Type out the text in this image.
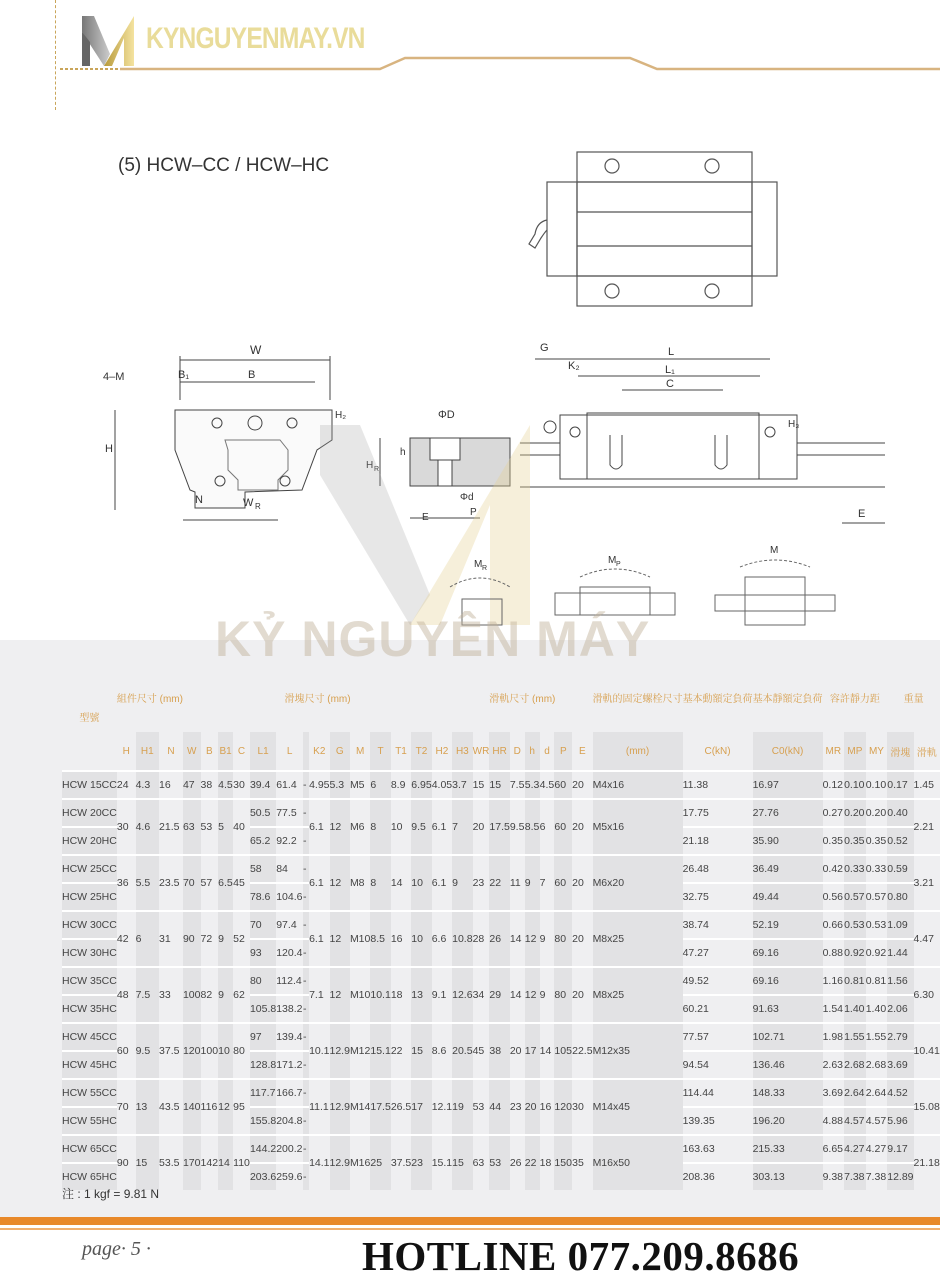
KYNGUYENMAY.VN
(5) HCW–CC / HCW–HC
W
B
B₁
4–M
H
N	W R
H₂	ΦD
h
Φd
E	P
G
K₂
L
L₁
C
H₃
E
M R
M P
M
KỶ NGUYÊN MÁY
型號	組件尺寸 (mm)			滑塊尺寸 (mm)														滑軌尺寸 (mm)								滑軌的固定螺栓尺寸	基本動額定負荷	基本靜額定負荷	容許靜力距			重量	
	H	H1	N	W	B	B1	C	L1	L		K2	G	M	T	T1	T2	H2	H3	WR	HR	D	h	d	P	E	(mm)	C(kN)	C0(kN)	MR	MP	MY	滑塊	滑軌
HCW 15CC	24	4.3	16	47	38	4.5	30	39.4	61.4	-	4.95	5.3	M5	6	8.9	6.95	4.05	3.7	15	15	7.5	5.3	4.5	60	20	M4x16	11.38	16.97	0.12	0.10	0.10	0.17	1.45
HCW 20CC	30	4.6	21.5	63	53	5	40	50.5	77.5	-	6.1	12	M6	8	10	9.5	6.1	7	20	17.5	9.5	8.5	6	60	20	M5x16	17.75	27.76	0.27	0.20	0.20	0.40	2.21
HCW 20HC								65.2	92.2	-																	21.18	35.90	0.35	0.35	0.35	0.52	
HCW 25CC	36	5.5	23.5	70	57	6.5	45	58	84	-	6.1	12	M8	8	14	10	6.1	9	23	22	11	9	7	60	20	M6x20	26.48	36.49	0.42	0.33	0.33	0.59	3.21
HCW 25HC								78.6	104.6	-																	32.75	49.44	0.56	0.57	0.57	0.80	
HCW 30CC	42	6	31	90	72	9	52	70	97.4	-	6.1	12	M10	8.5	16	10	6.6	10.8	28	26	14	12	9	80	20	M8x25	38.74	52.19	0.66	0.53	0.53	1.09	4.47
HCW 30HC								93	120.4	-																	47.27	69.16	0.88	0.92	0.92	1.44	
HCW 35CC	48	7.5	33	100	82	9	62	80	112.4	-	7.1	12	M10	10.1	18	13	9.1	12.6	34	29	14	12	9	80	20	M8x25	49.52	69.16	1.16	0.81	0.81	1.56	6.30
HCW 35HC								105.8	138.2	-																	60.21	91.63	1.54	1.40	1.40	2.06	
HCW 45CC	60	9.5	37.5	120	100	10	80	97	139.4	-	10.1	12.9	M12	15.1	22	15	8.6	20.5	45	38	20	17	14	105	22.5	M12x35	77.57	102.71	1.98	1.55	1.55	2.79	10.41
HCW 45HC								128.8	171.2	-																	94.54	136.46	2.63	2.68	2.68	3.69	
HCW 55CC	70	13	43.5	140	116	12	95	117.7	166.7	-	11.1	12.9	M14	17.5	26.5	17	12.1	19	53	44	23	20	16	120	30	M14x45	114.44	148.33	3.69	2.64	2.64	4.52	15.08
HCW 55HC								155.8	204.8	-																	139.35	196.20	4.88	4.57	4.57	5.96	
HCW 65CC	90	15	53.5	170	142	14	110	144.2	200.2	-	14.1	12.9	M16	25	37.5	23	15.1	15	63	53	26	22	18	150	35	M16x50	163.63	215.33	6.65	4.27	4.27	9.17	21.18
HCW 65HC								203.6	259.6	-																	208.36	303.13	9.38	7.38	7.38	12.89	
注 : 1 kgf = 9.81 N
page· 5 ·	HOTLINE 077.209.8686
